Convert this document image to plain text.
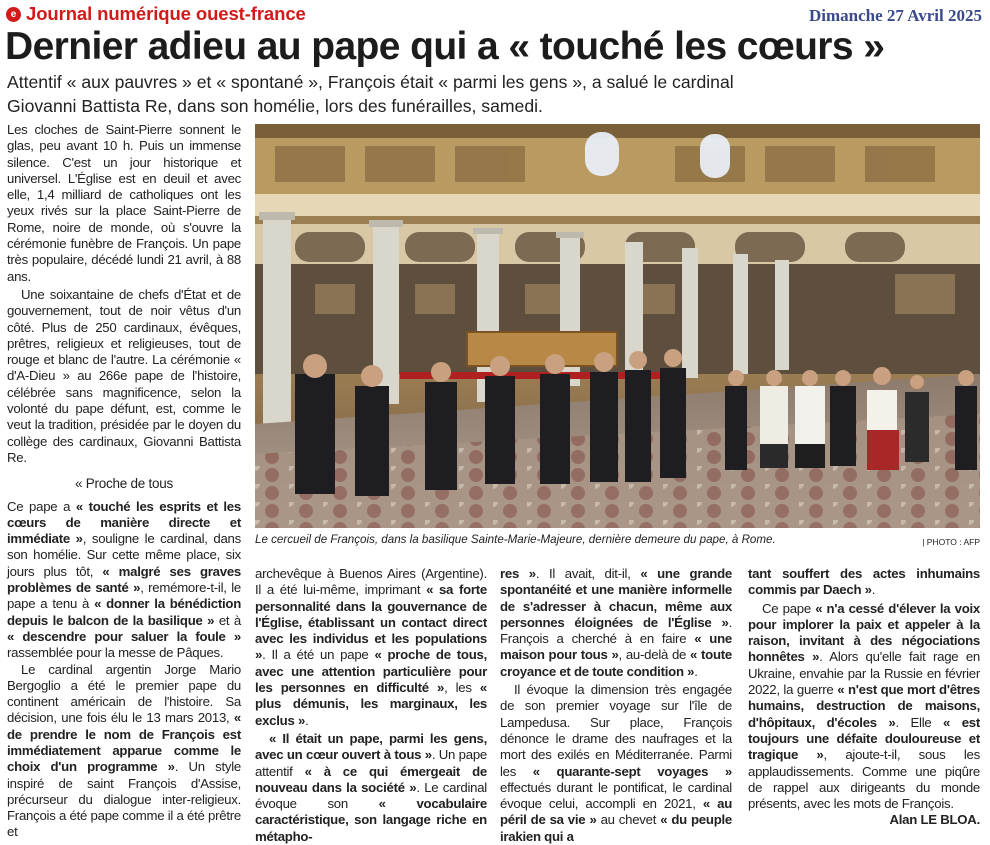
e Journal numérique ouest-france	Dimanche 27 Avril 2025
Dernier adieu au pape qui a « touché les cœurs »
Attentif « aux pauvres » et « spontané », François était « parmi les gens », a salué le cardinal
Giovanni Battista Re, dans son homélie, lors des funérailles, samedi.

Les cloches de Saint-Pierre sonnent le glas, peu avant 10 h. Puis un immense silence. C'est un jour historique et universel. L'Église est en deuil et avec elle, 1,4 milliard de catholiques ont les yeux rivés sur la place Saint-Pierre de Rome, noire de monde, où s'ouvre la cérémonie funèbre de François. Un pape très populaire, décédé lundi 21 avril, à 88 ans.

Une soixantaine de chefs d'État et de gouvernement, tout de noir vêtus d'un côté. Plus de 250 cardinaux, évêques, prêtres, religieux et religieuses, tout de rouge et blanc de l'autre. La cérémonie « d'A-Dieu » au 266e pape de l'histoire, célébrée sans magnificence, selon la volonté du pape défunt, est, comme le veut la tradition, présidée par le doyen du collège des cardinaux, Giovanni Battista Re.

« Proche de tous

Ce pape a « touché les esprits et les cœurs de manière directe et immédiate », souligne le cardinal, dans son homélie. Sur cette même place, six jours plus tôt, « malgré ses graves problèmes de santé », remémore-t-il, le pape a tenu à « donner la bénédiction depuis le balcon de la basilique » et à « descendre pour saluer la foule » rassemblée pour la messe de Pâques.

Le cardinal argentin Jorge Mario Bergoglio a été le premier pape du continent américain de l'histoire. Sa décision, une fois élu le 13 mars 2013, « de prendre le nom de François est immédiatement apparue comme le choix d'un programme ». Un style inspiré de saint François d'Assise, précurseur du dialogue inter-religieux. François a été pape comme il a été prêtre et

Le cercueil de François, dans la basilique Sainte-Marie-Majeure, dernière demeure du pape, à Rome.	| PHOTO : AFP

archevêque à Buenos Aires (Argentine). Il a été lui-même, imprimant « sa forte personnalité dans la gouvernance de l'Église, établissant un contact direct avec les individus et les populations ». Il a été un pape « proche de tous, avec une attention particulière pour les personnes en difficulté », les « plus démunis, les marginaux, les exclus ».

« Il était un pape, parmi les gens, avec un cœur ouvert à tous ». Un pape attentif « à ce qui émergeait de nouveau dans la société ». Le cardinal évoque son « vocabulaire caractéristique, son langage riche en métapho-

res ». Il avait, dit-il, « une grande spontanéité et une manière informelle de s'adresser à chacun, même aux personnes éloignées de l'Église ». François a cherché à en faire « une maison pour tous », au-delà de « toute croyance et de toute condition ».

Il évoque la dimension très engagée de son premier voyage sur l'île de Lampedusa. Sur place, François dénonce le drame des naufrages et la mort des exilés en Méditerranée. Parmi les « quarante-sept voyages » effectués durant le pontificat, le cardinal évoque celui, accompli en 2021, « au péril de sa vie » au chevet « du peuple irakien qui a

tant souffert des actes inhumains commis par Daech ».

Ce pape « n'a cessé d'élever la voix pour implorer la paix et appeler à la raison, invitant à des négociations honnêtes ». Alors qu'elle fait rage en Ukraine, envahie par la Russie en février 2022, la guerre « n'est que mort d'êtres humains, destruction de maisons, d'hôpitaux, d'écoles ». Elle « est toujours une défaite douloureuse et tragique », ajoute-t-il, sous les applaudissements. Comme une piqûre de rappel aux dirigeants du monde présents, avec les mots de François.

Alan LE BLOA.
